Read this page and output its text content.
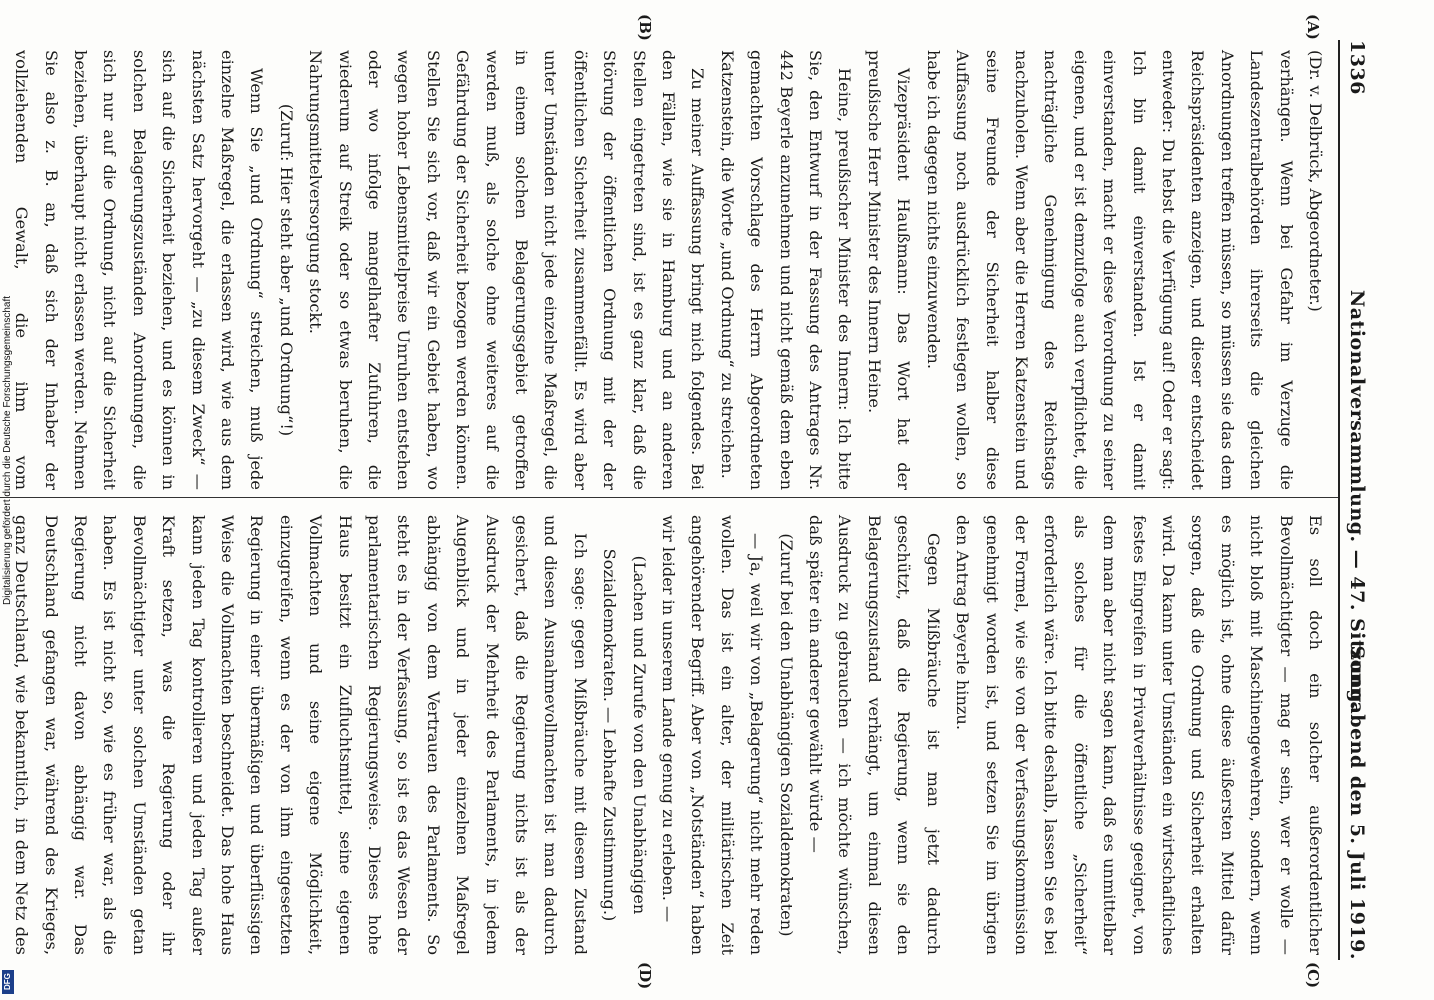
1336
Nationalversammlung. — 47. Sitzung.
Sonnabend den 5. Juli 1919.
(A)
(B)
(C)
(D)

(Dr. v. Delbrück, Abgeordneter.)

verhängen. Wenn bei Gefahr im Verzuge die Landeszentralbehörden ihrerseits die gleichen Anordnungen treffen müssen, so müssen sie das dem Reichspräsidenten anzeigen, und dieser entscheidet entweder: Du hebst die Verfügung auf! Oder er sagt: Ich bin damit einverstanden. Ist er damit einverstanden, macht er diese Verordnung zu seiner eigenen, und er ist demzufolge auch verpflichtet, die nachträgliche Genehmigung des Reichstags nachzuholen. Wenn aber die Herren Katzenstein und seine Freunde der Sicherheit halber diese Auffassung noch ausdrücklich festlegen wollen, so habe ich dagegen nichts einzuwenden.

Vizepräsident Haußmann: Das Wort hat der preußische Herr Minister des Innern Heine.

Heine, preußischer Minister des Innern: Ich bitte Sie, den Entwurf in der Fassung des Antrages Nr. 442 Beyerle anzunehmen und nicht gemäß dem eben gemachten Vorschlage des Herrn Abgeordneten Katzenstein, die Worte „und Ordnung“ zu streichen.

Zu meiner Auffassung bringt mich folgendes. Bei den Fällen, wie sie in Hamburg und an anderen Stellen eingetreten sind, ist es ganz klar, daß die Störung der öffentlichen Ordnung mit der der öffentlichen Sicherheit zusammenfällt. Es wird aber unter Umständen nicht jede einzelne Maßregel, die in einem solchen Belagerungsgebiet getroffen werden muß, als solche ohne weiteres auf die Gefährdung der Sicherheit bezogen werden können. Stellen Sie sich vor, daß wir ein Gebiet haben, wo wegen hoher Lebensmittelpreise Unruhen entstehen oder wo infolge mangelhafter Zufuhren, die wiederum auf Streik oder so etwas beruhen, die Nahrungsmittelversorgung stockt.

(Zuruf: Hier steht aber „und Ordnung“!)

Wenn Sie „und Ordnung“ streichen, muß jede einzelne Maßregel, die erlassen wird, wie aus dem nächsten Satz hervorgeht — „zu diesem Zweck“ — sich auf die Sicherheit beziehen, und es können in solchen Belagerungszuständen Anordnungen, die sich nur auf die Ordnung, nicht auf die Sicherheit beziehen, überhaupt nicht erlassen werden. Nehmen Sie also z. B. an, daß sich der Inhaber der vollziehenden Gewalt, die ihm vom

Es soll doch ein solcher außerordentlicher Bevollmächtigter — mag er sein, wer er wolle — nicht bloß mit Maschinengewehren, sondern, wenn es möglich ist, ohne diese äußersten Mittel dafür sorgen, daß die Ordnung und Sicherheit erhalten wird. Da kann unter Umständen ein wirtschaftliches festes Eingreifen in Privatverhältnisse geeignet, von dem man aber nicht sagen kann, daß es unmittelbar als solches für die öffentliche „Sicherheit“ erforderlich wäre. Ich bitte deshalb, lassen Sie es bei der Formel, wie sie von der Verfassungskommission genehmigt worden ist, und setzen Sie im übrigen den Antrag Beyerle hinzu.

Gegen Mißbräuche ist man jetzt dadurch geschützt, daß die Regierung, wenn sie den Belagerungszustand verhängt, um einmal diesen Ausdruck zu gebrauchen — ich möchte wünschen, daß später ein anderer gewählt würde —

(Zuruf bei den Unabhängigen Sozialdemokraten)

— Ja, weil wir von „Belagerung“ nicht mehr reden wollen. Das ist ein alter, der militärischen Zeit angehörender Begriff. Aber von „Notständen“ haben wir leider in unserem Lande genug zu erleben. —

(Lachen und Zurufe von den Unabhängigen Sozialdemokraten. — Lebhafte Zustimmung.)

Ich sage: gegen Mißbräuche mit diesem Zustand und diesen Ausnahmevollmachten ist man dadurch gesichert, daß die Regierung nichts ist als der Ausdruck der Mehrheit des Parlaments, in jedem Augenblick und in jeder einzelnen Maßregel abhängig von dem Vertrauen des Parlaments. So steht es in der Verfassung, so ist es das Wesen der parlamentarischen Regierungsweise. Dieses hohe Haus besitzt ein Zufluchtsmittel, seine eigenen Vollmachten und seine eigene Möglichkeit, einzugreifen, wenn es der von ihm eingesetzten Regierung in einer übermäßigen und überflüssigen Weise die Vollmachten beschneidet. Das hohe Haus kann jeden Tag kontrollieren und jeden Tag außer Kraft setzen, was die Regierung oder ihr Bevollmächtigter unter solchen Umständen getan haben. Es ist nicht so, wie es früher war, als die Regierung nicht davon abhängig war. Das Deutschland gefangen war, während des Krieges, ganz Deutschland, wie bekanntlich, in dem Netz des

Digitalisierung gefördert durch die Deutsche Forschungsgemeinschaft
DFG
